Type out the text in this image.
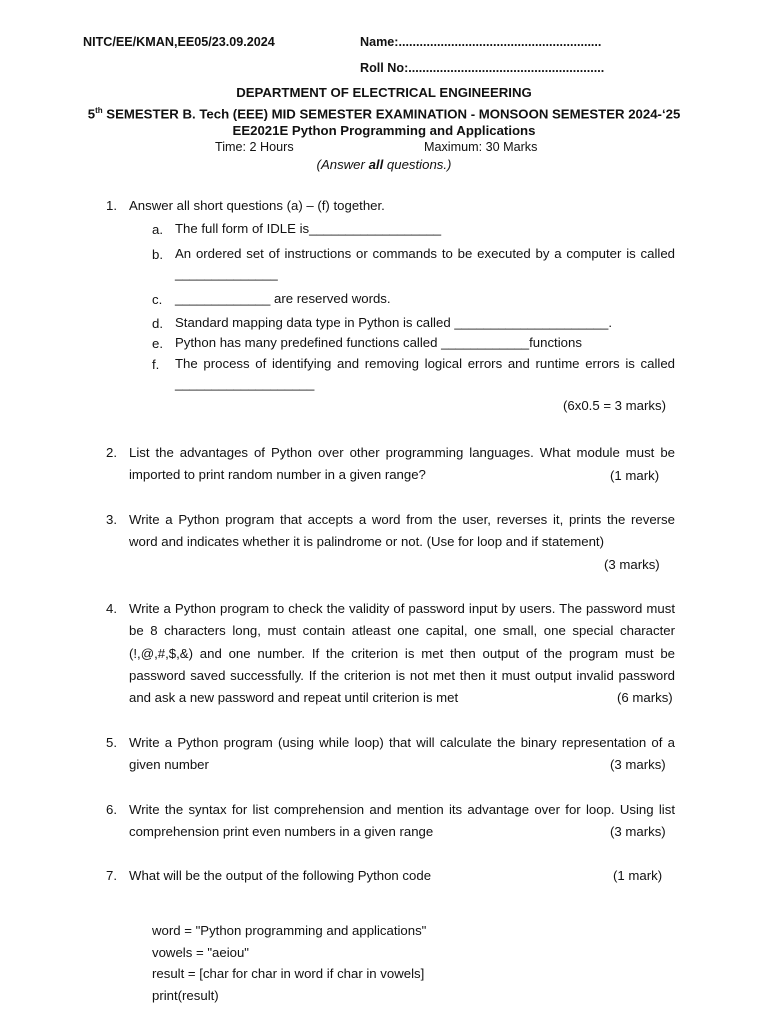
NITC/EE/KMAN,EE05/23.09.2024	Name:..........................................................
Roll No:........................................................
DEPARTMENT OF ELECTRICAL ENGINEERING
5th SEMESTER B. Tech (EEE) MID SEMESTER EXAMINATION - MONSOON SEMESTER 2024-‘25
EE2021E Python Programming and Applications
Time: 2 Hours	Maximum: 30 Marks
(Answer all questions.)
1. Answer all short questions (a) – (f) together.
a. The full form of IDLE is__________________
b. An ordered set of instructions or commands to be executed by a computer is called ______________
c. _____________ are reserved words.
d. Standard mapping data type in Python is called _____________________.
e. Python has many predefined functions called ____________functions
f. The process of identifying and removing logical errors and runtime errors is called ___________________
(6x0.5 = 3 marks)
2. List the advantages of Python over other programming languages. What module must be imported to print random number in a given range?	(1 mark)
3. Write a Python program that accepts a word from the user, reverses it, prints the reverse word and indicates whether it is palindrome or not. (Use for loop and if statement)
(3 marks)
4. Write a Python program to check the validity of password input by users. The password must be 8 characters long, must contain atleast one capital, one small, one special character (!,@,#,$,&) and one number. If the criterion is met then output of the program must be password saved successfully. If the criterion is not met then it must output invalid password and ask a new password and repeat until criterion is met	(6 marks)
5. Write a Python program (using while loop) that will calculate the binary representation of a given number	(3 marks)
6. Write the syntax for list comprehension and mention its advantage over for loop. Using list comprehension print even numbers in a given range	(3 marks)
7. What will be the output of the following Python code	(1 mark)

word = "Python programming and applications"
vowels = "aeiou"
result = [char for char in word if char in vowels]
print(result)
